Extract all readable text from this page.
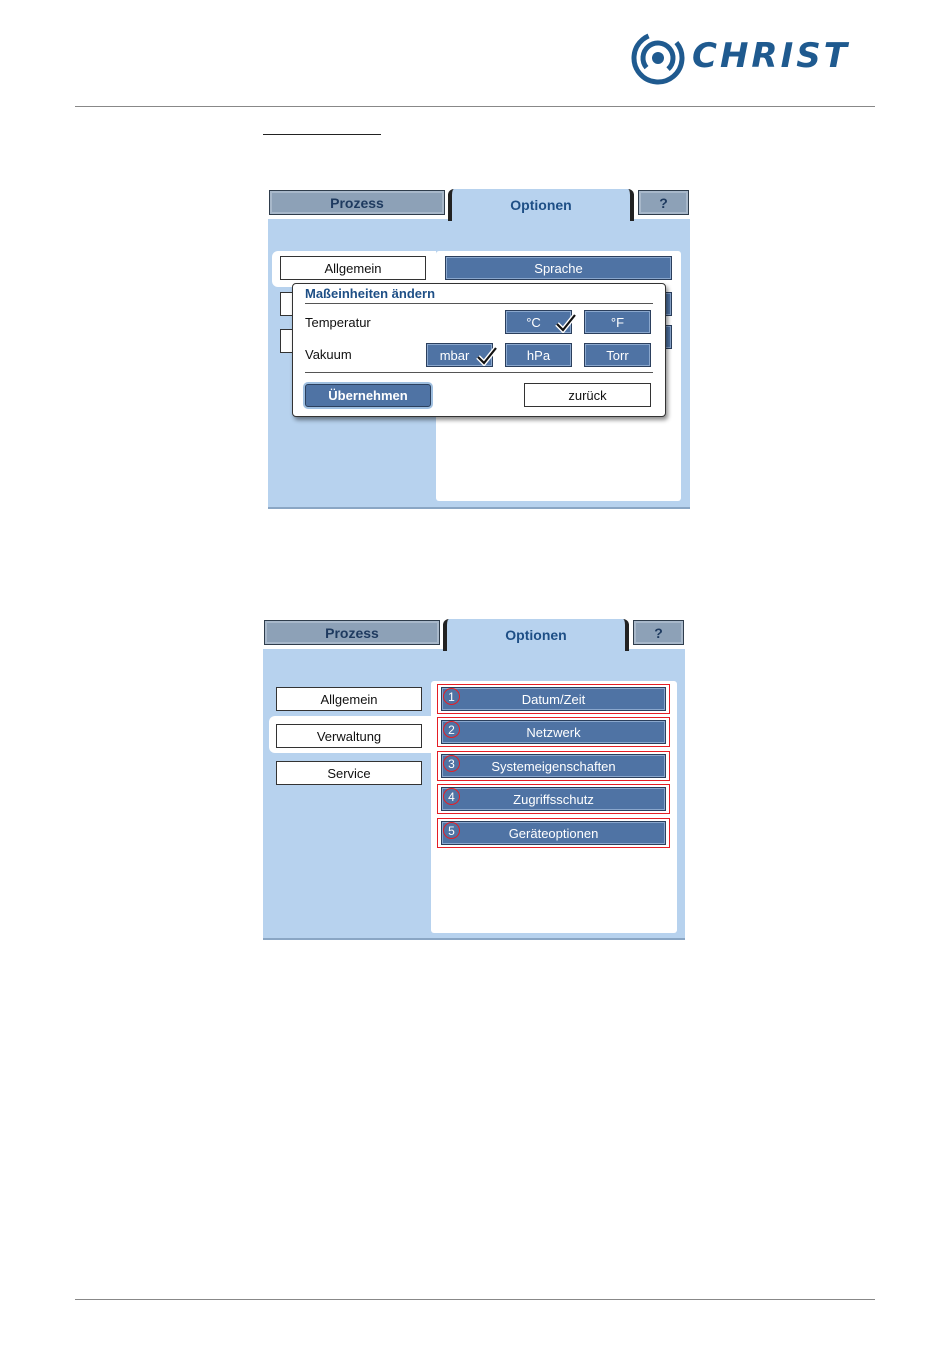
CHRIST
Prozess	Optionen	?
Allgemein	Sprache
Maßeinheiten ändern
Temperatur	°C	°F
Vakuum	mbar	hPa	Torr
Übernehmen	zurück
Prozess	Optionen	?
Allgemein
Verwaltung
Service
1	Datum/Zeit
2	Netzwerk
3	Systemeigenschaften
4	Zugriffsschutz
5	Geräteoptionen
